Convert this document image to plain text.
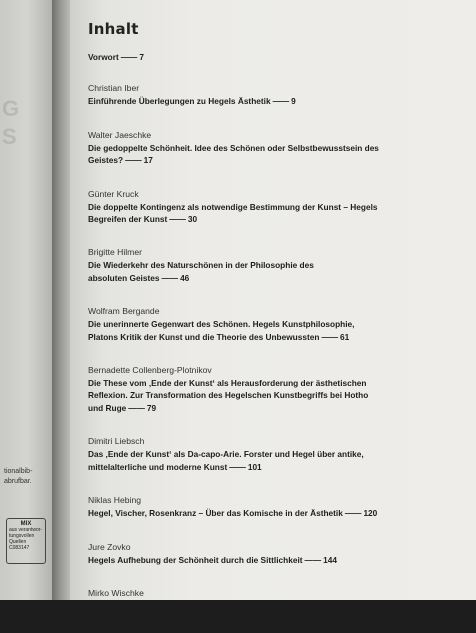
G
S
tionalbib-
abrufbar.
MIX
aus verantwor-
tungsvollen Quellen
C083147
Inhalt
Vorwort —— 7
Christian Iber
Einführende Überlegungen zu Hegels Ästhetik —— 9
Walter Jaeschke
Die gedoppelte Schönheit. Idee des Schönen oder Selbstbewusstsein des
Geistes? —— 17
Günter Kruck
Die doppelte Kontingenz als notwendige Bestimmung der Kunst – Hegels
Begreifen der Kunst —— 30
Brigitte Hilmer
Die Wiederkehr des Naturschönen in der Philosophie des
absoluten Geistes —— 46
Wolfram Bergande
Die unerinnerte Gegenwart des Schönen. Hegels Kunstphilosophie,
Platons Kritik der Kunst und die Theorie des Unbewussten —— 61
Bernadette Collenberg-Plotnikov
Die These vom ‚Ende der Kunst‘ als Herausforderung der ästhetischen
Reflexion. Zur Transformation des Hegelschen Kunstbegriffs bei Hotho
und Ruge —— 79
Dimitri Liebsch
Das ‚Ende der Kunst‘ als Da-capo-Arie. Forster und Hegel über antike,
mittelalterliche und moderne Kunst —— 101
Niklas Hebing
Hegel, Vischer, Rosenkranz – Über das Komische in der Ästhetik —— 120
Jure Zovko
Hegels Aufhebung der Schönheit durch die Sittlichkeit —— 144
Mirko Wischke
Kraftlose Schönheit? Hegel über die Zeitlichkeit des Kunstwerks —— 156
